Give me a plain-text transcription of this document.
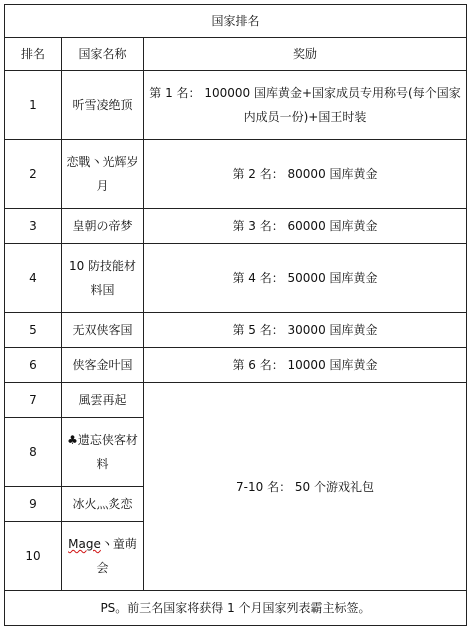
国家排名		
排名	国家名称	奖励
1	听雪凌绝顶	第 1 名： 100000 国库黄金+国家成员专用称号(每个国家内成员一份)+国王时装
2	恋戰丶光辉岁月	第 2 名： 80000 国库黄金
3	皇朝の帝梦	第 3 名： 60000 国库黄金
4	10 防技能材料国	第 4 名： 50000 国库黄金
5	无双侠客国	第 5 名： 30000 国库黄金
6	侠客金叶国	第 6 名： 10000 国库黄金
7	風雲再起	7-10 名： 50 个游戏礼包
8	♣遗忘侠客材料	
9	冰火灬炙恋	
10	Mage丶童萌会	
PS。前三名国家将获得 1 个月国家列表霸主标签。		
